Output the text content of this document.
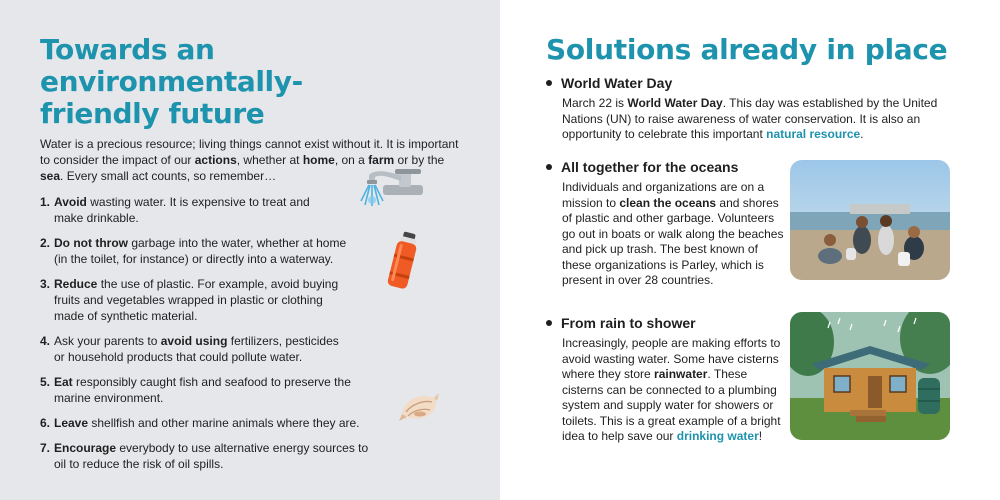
Towards an environmentally-
friendly future

Water is a precious resource; living things cannot exist without it. It is important to consider the impact of our actions, whether at home, on a farm or by the sea. Every small act counts, so remember…

1. Avoid wasting water. It is expensive to treat and make drinkable.
2. Do not throw garbage into the water, whether at home (in the toilet, for instance) or directly into a waterway.
3. Reduce the use of plastic. For example, avoid buying fruits and vegetables wrapped in plastic or clothing made of synthetic material.
4. Ask your parents to avoid using fertilizers, pesticides or household products that could pollute water.
5. Eat responsibly caught fish and seafood to preserve the marine environment.
6. Leave shellfish and other marine animals where they are.
7. Encourage everybody to use alternative energy sources to oil to reduce the risk of oil spills.
Solutions already in place
World Water Day

March 22 is World Water Day. This day was established by the United Nations (UN) to raise awareness of water conservation. It is also an opportunity to celebrate this important natural resource.

All together for the oceans

Individuals and organizations are on a mission to clean the oceans and shores of plastic and other garbage. Volunteers go out in boats or walk along the beaches and pick up trash. The best known of these organizations is Parley, which is present in over 28 countries.

From rain to shower

Increasingly, people are making efforts to avoid wasting water. Some have cisterns where they store rainwater. These cisterns can be connected to a plumbing system and supply water for showers or toilets. This is a great example of a bright idea to help save our drinking water!
